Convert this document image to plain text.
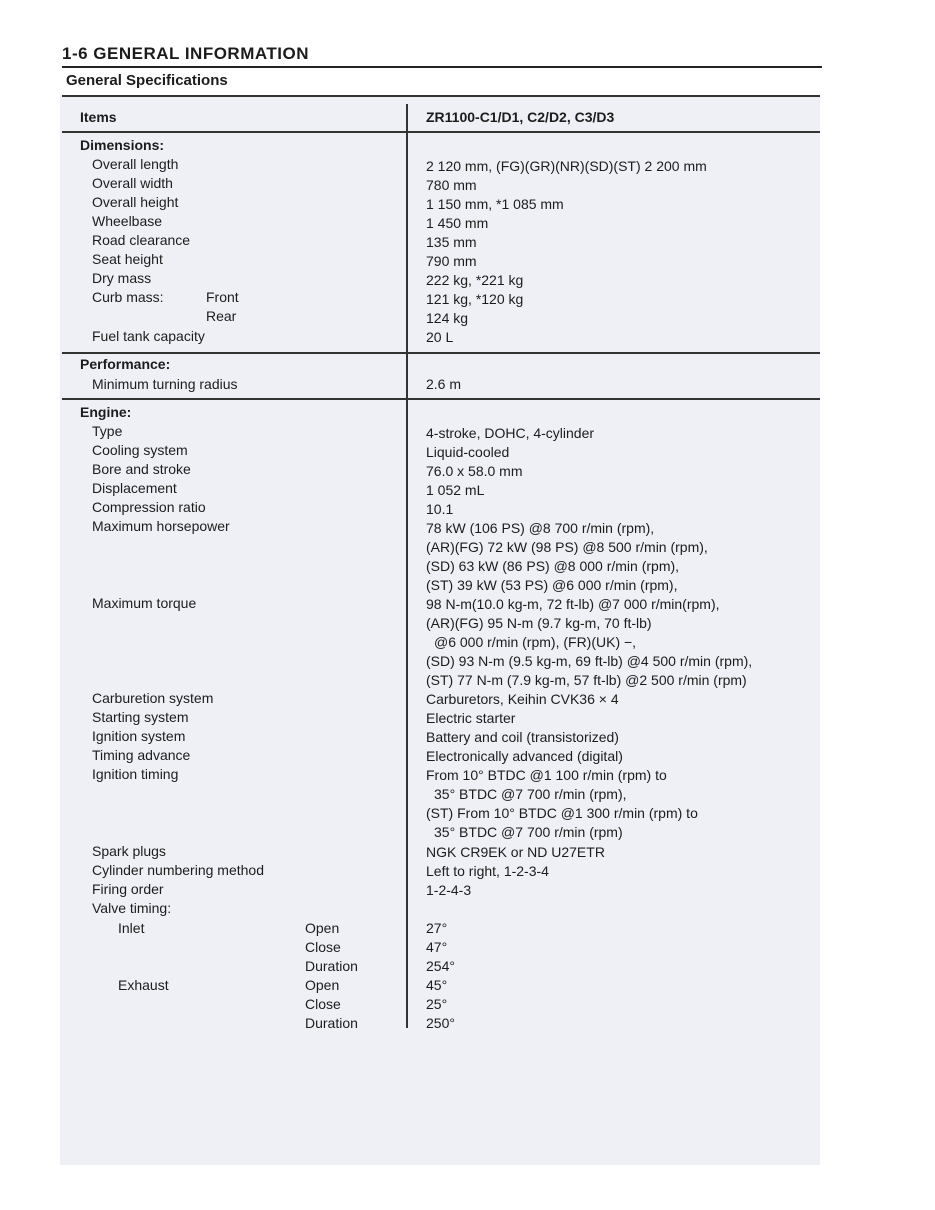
1-6 GENERAL INFORMATION
General Specifications
Items	ZR1100-C1/D1, C2/D2, C3/D3
Dimensions:
Overall length	2 120 mm, (FG)(GR)(NR)(SD)(ST) 2 200 mm
Overall width	780 mm
Overall height	1 150 mm, *1 085 mm
Wheelbase	1 450 mm
Road clearance	135 mm
Seat height	790 mm
Dry mass	222 kg, *221 kg
Curb mass:	Front	121 kg, *120 kg
Rear	124 kg
Fuel tank capacity	20 L
Performance:
Minimum turning radius	2.6 m
Engine:
Type	4-stroke, DOHC, 4-cylinder
Cooling system	Liquid-cooled
Bore and stroke	76.0 x 58.0 mm
Displacement	1 052 mL
Compression ratio	10.1
Maximum horsepower	78 kW (106 PS) @8 700 r/min (rpm),
(AR)(FG) 72 kW (98 PS) @8 500 r/min (rpm),
(SD) 63 kW (86 PS) @8 000 r/min (rpm),
(ST) 39 kW (53 PS) @6 000 r/min (rpm),
Maximum torque	98 N-m(10.0 kg-m, 72 ft-lb) @7 000 r/min(rpm),
(AR)(FG) 95 N-m (9.7 kg-m, 70 ft-lb)
@6 000 r/min (rpm), (FR)(UK) −,
(SD) 93 N-m (9.5 kg-m, 69 ft-lb) @4 500 r/min (rpm),
(ST) 77 N-m (7.9 kg-m, 57 ft-lb) @2 500 r/min (rpm)
Carburetion system	Carburetors, Keihin CVK36 × 4
Starting system	Electric starter
Ignition system	Battery and coil (transistorized)
Timing advance	Electronically advanced (digital)
Ignition timing	From 10° BTDC @1 100 r/min (rpm) to
35° BTDC @7 700 r/min (rpm),
(ST) From 10° BTDC @1 300 r/min (rpm) to
35° BTDC @7 700 r/min (rpm)
Spark plugs	NGK CR9EK or ND U27ETR
Cylinder numbering method	Left to right, 1-2-3-4
Firing order	1-2-4-3
Valve timing:
Inlet	Open	27°
Close	47°
Duration	254°
Exhaust	Open	45°
Close	25°
Duration	250°
